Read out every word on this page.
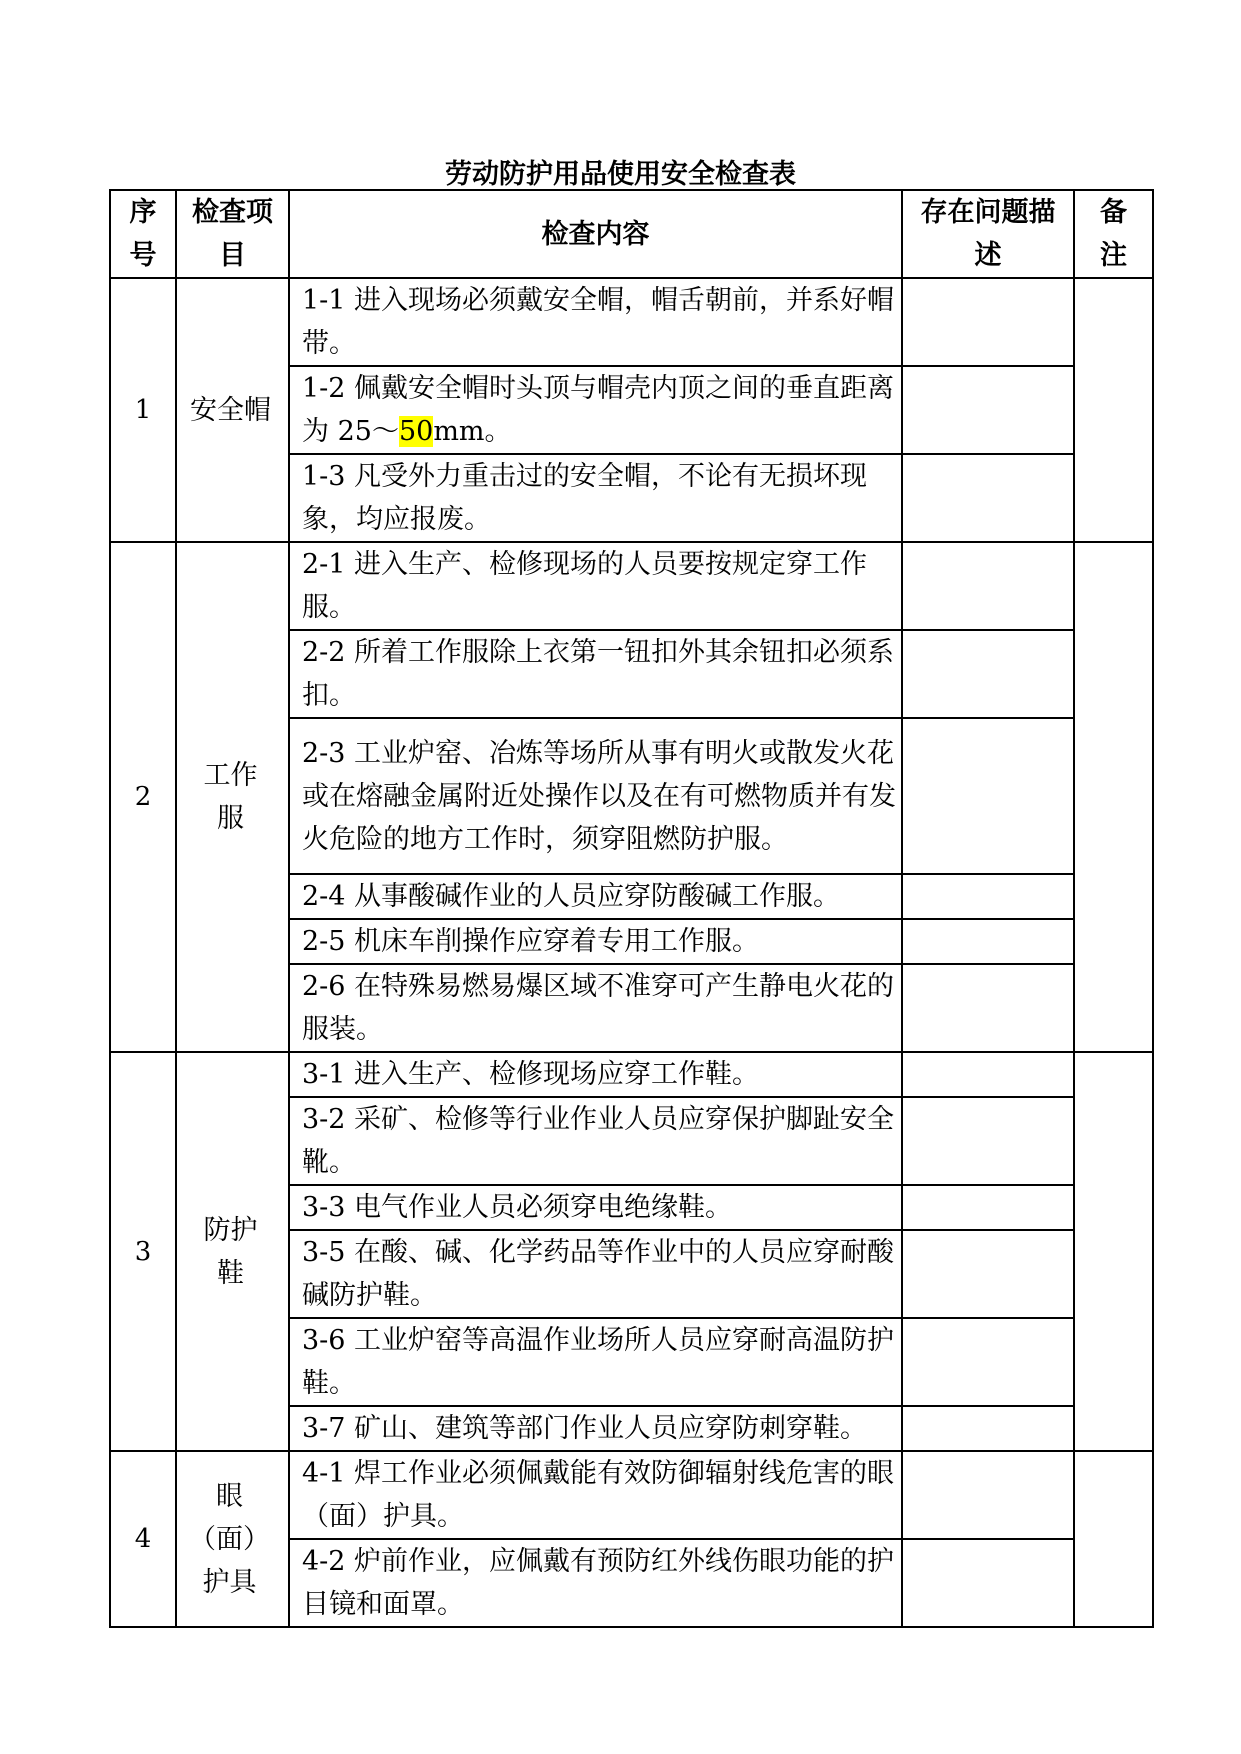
劳动防护用品使用安全检查表
序号	检查项目	检查内容	存在问题描述	备注
1	安全帽	1-1 进入现场必须戴安全帽，帽舌朝前，并系好帽带。		
		1-2 佩戴安全帽时头顶与帽壳内顶之间的垂直距离为 25～50mm。		
		1-3 凡受外力重击过的安全帽，不论有无损坏现象，均应报废。		
2	工作服	2-1 进入生产、检修现场的人员要按规定穿工作服。		
		2-2 所着工作服除上衣第一钮扣外其余钮扣必须系扣。		
		2-3 工业炉窑、冶炼等场所从事有明火或散发火花或在熔融金属附近处操作以及在有可燃物质并有发火危险的地方工作时，须穿阻燃防护服。		
		2-4 从事酸碱作业的人员应穿防酸碱工作服。		
		2-5 机床车削操作应穿着专用工作服。		
		2-6 在特殊易燃易爆区域不准穿可产生静电火花的服装。		
3	防护鞋	3-1 进入生产、检修现场应穿工作鞋。		
		3-2 采矿、检修等行业作业人员应穿保护脚趾安全靴。		
		3-3 电气作业人员必须穿电绝缘鞋。		
		3-5 在酸、碱、化学药品等作业中的人员应穿耐酸碱防护鞋。		
		3-6 工业炉窑等高温作业场所人员应穿耐高温防护鞋。		
		3-7 矿山、建筑等部门作业人员应穿防刺穿鞋。		
4	眼（面）护具	4-1 焊工作业必须佩戴能有效防御辐射线危害的眼（面）护具。		
		4-2 炉前作业，应佩戴有预防红外线伤眼功能的护目镜和面罩。		
